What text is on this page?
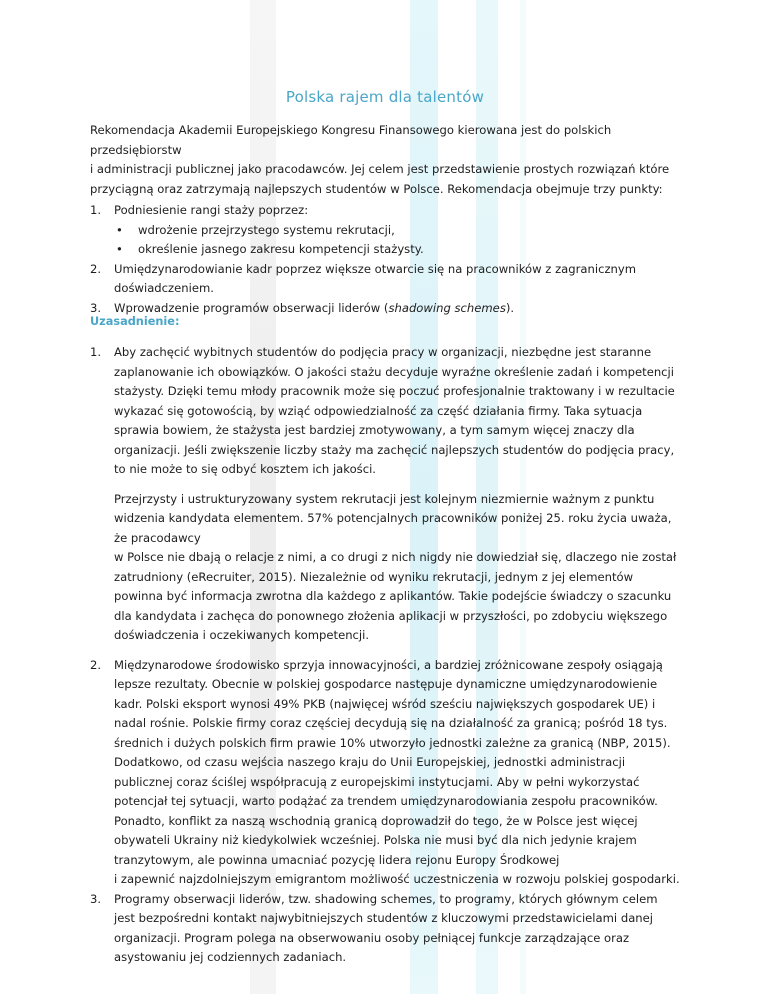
Polska rajem dla talentów

Rekomendacja Akademii Europejskiego Kongresu Finansowego kierowana jest do polskich przedsiębiorstw

i administracji publicznej jako pracodawców. Jej celem jest przedstawienie prostych rozwiązań które przyciągną oraz zatrzymają najlepszych studentów w Polsce. Rekomendacja obejmuje trzy punkty:

1. Podniesienie rangi staży poprzez:
• wdrożenie przejrzystego systemu rekrutacji,
• określenie jasnego zakresu kompetencji stażysty.
2. Umiędzynarodowianie kadr poprzez większe otwarcie się na pracowników z zagranicznym doświadczeniem.
3. Wprowadzenie programów obserwacji liderów (shadowing schemes).
Uzasadnienie:
1. Aby zachęcić wybitnych studentów do podjęcia pracy w organizacji, niezbędne jest staranne zaplanowanie ich obowiązków. O jakości stażu decyduje wyraźne określenie zadań i kompetencji stażysty. Dzięki temu młody pracownik może się poczuć profesjonalnie traktowany i w rezultacie wykazać się gotowością, by wziąć odpowiedzialność za część działania firmy. Taka sytuacja sprawia bowiem, że stażysta jest bardziej zmotywowany, a tym samym więcej znaczy dla organizacji. Jeśli zwiększenie liczby staży ma zachęcić najlepszych studentów do podjęcia pracy, to nie może to się odbyć kosztem ich jakości.

Przejrzysty i ustrukturyzowany system rekrutacji jest kolejnym niezmiernie ważnym z punktu widzenia kandydata elementem. 57% potencjalnych pracowników poniżej 25. roku życia uważa, że pracodawcy

w Polsce nie dbają o relacje z nimi, a co drugi z nich nigdy nie dowiedział się, dlaczego nie został zatrudniony (eRecruiter, 2015). Niezależnie od wyniku rekrutacji, jednym z jej elementów powinna być informacja zwrotna dla każdego z aplikantów. Takie podejście świadczy o szacunku dla kandydata i zachęca do ponownego złożenia aplikacji w przyszłości, po zdobyciu większego doświadczenia i oczekiwanych kompetencji.

2. Międzynarodowe środowisko sprzyja innowacyjności, a bardziej zróżnicowane zespoły osiągają lepsze rezultaty. Obecnie w polskiej gospodarce następuje dynamiczne umiędzynarodowienie kadr. Polski eksport wynosi 49% PKB (najwięcej wśród sześciu największych gospodarek UE) i nadal rośnie. Polskie firmy coraz częściej decydują się na działalność za granicą; pośród 18 tys. średnich i dużych polskich firm prawie 10% utworzyło jednostki zależne za granicą (NBP, 2015). Dodatkowo, od czasu wejścia naszego kraju do Unii Europejskiej, jednostki administracji publicznej coraz ściślej współpracują z europejskimi instytucjami. Aby w pełni wykorzystać potencjał tej sytuacji, warto podążać za trendem umiędzynarodowiania zespołu pracowników. Ponadto, konflikt za naszą wschodnią granicą doprowadził do tego, że w Polsce jest więcej obywateli Ukrainy niż kiedykolwiek wcześniej. Polska nie musi być dla nich jedynie krajem tranzytowym, ale powinna umacniać pozycję lidera rejonu Europy Środkowej

i zapewnić najzdolniejszym emigrantom możliwość uczestniczenia w rozwoju polskiej gospodarki.

3. Programy obserwacji liderów, tzw. shadowing schemes, to programy, których głównym celem jest bezpośredni kontakt najwybitniejszych studentów z kluczowymi przedstawicielami danej organizacji. Program polega na obserwowaniu osoby pełniącej funkcje zarządzające oraz asystowaniu jej codziennych zadaniach.
